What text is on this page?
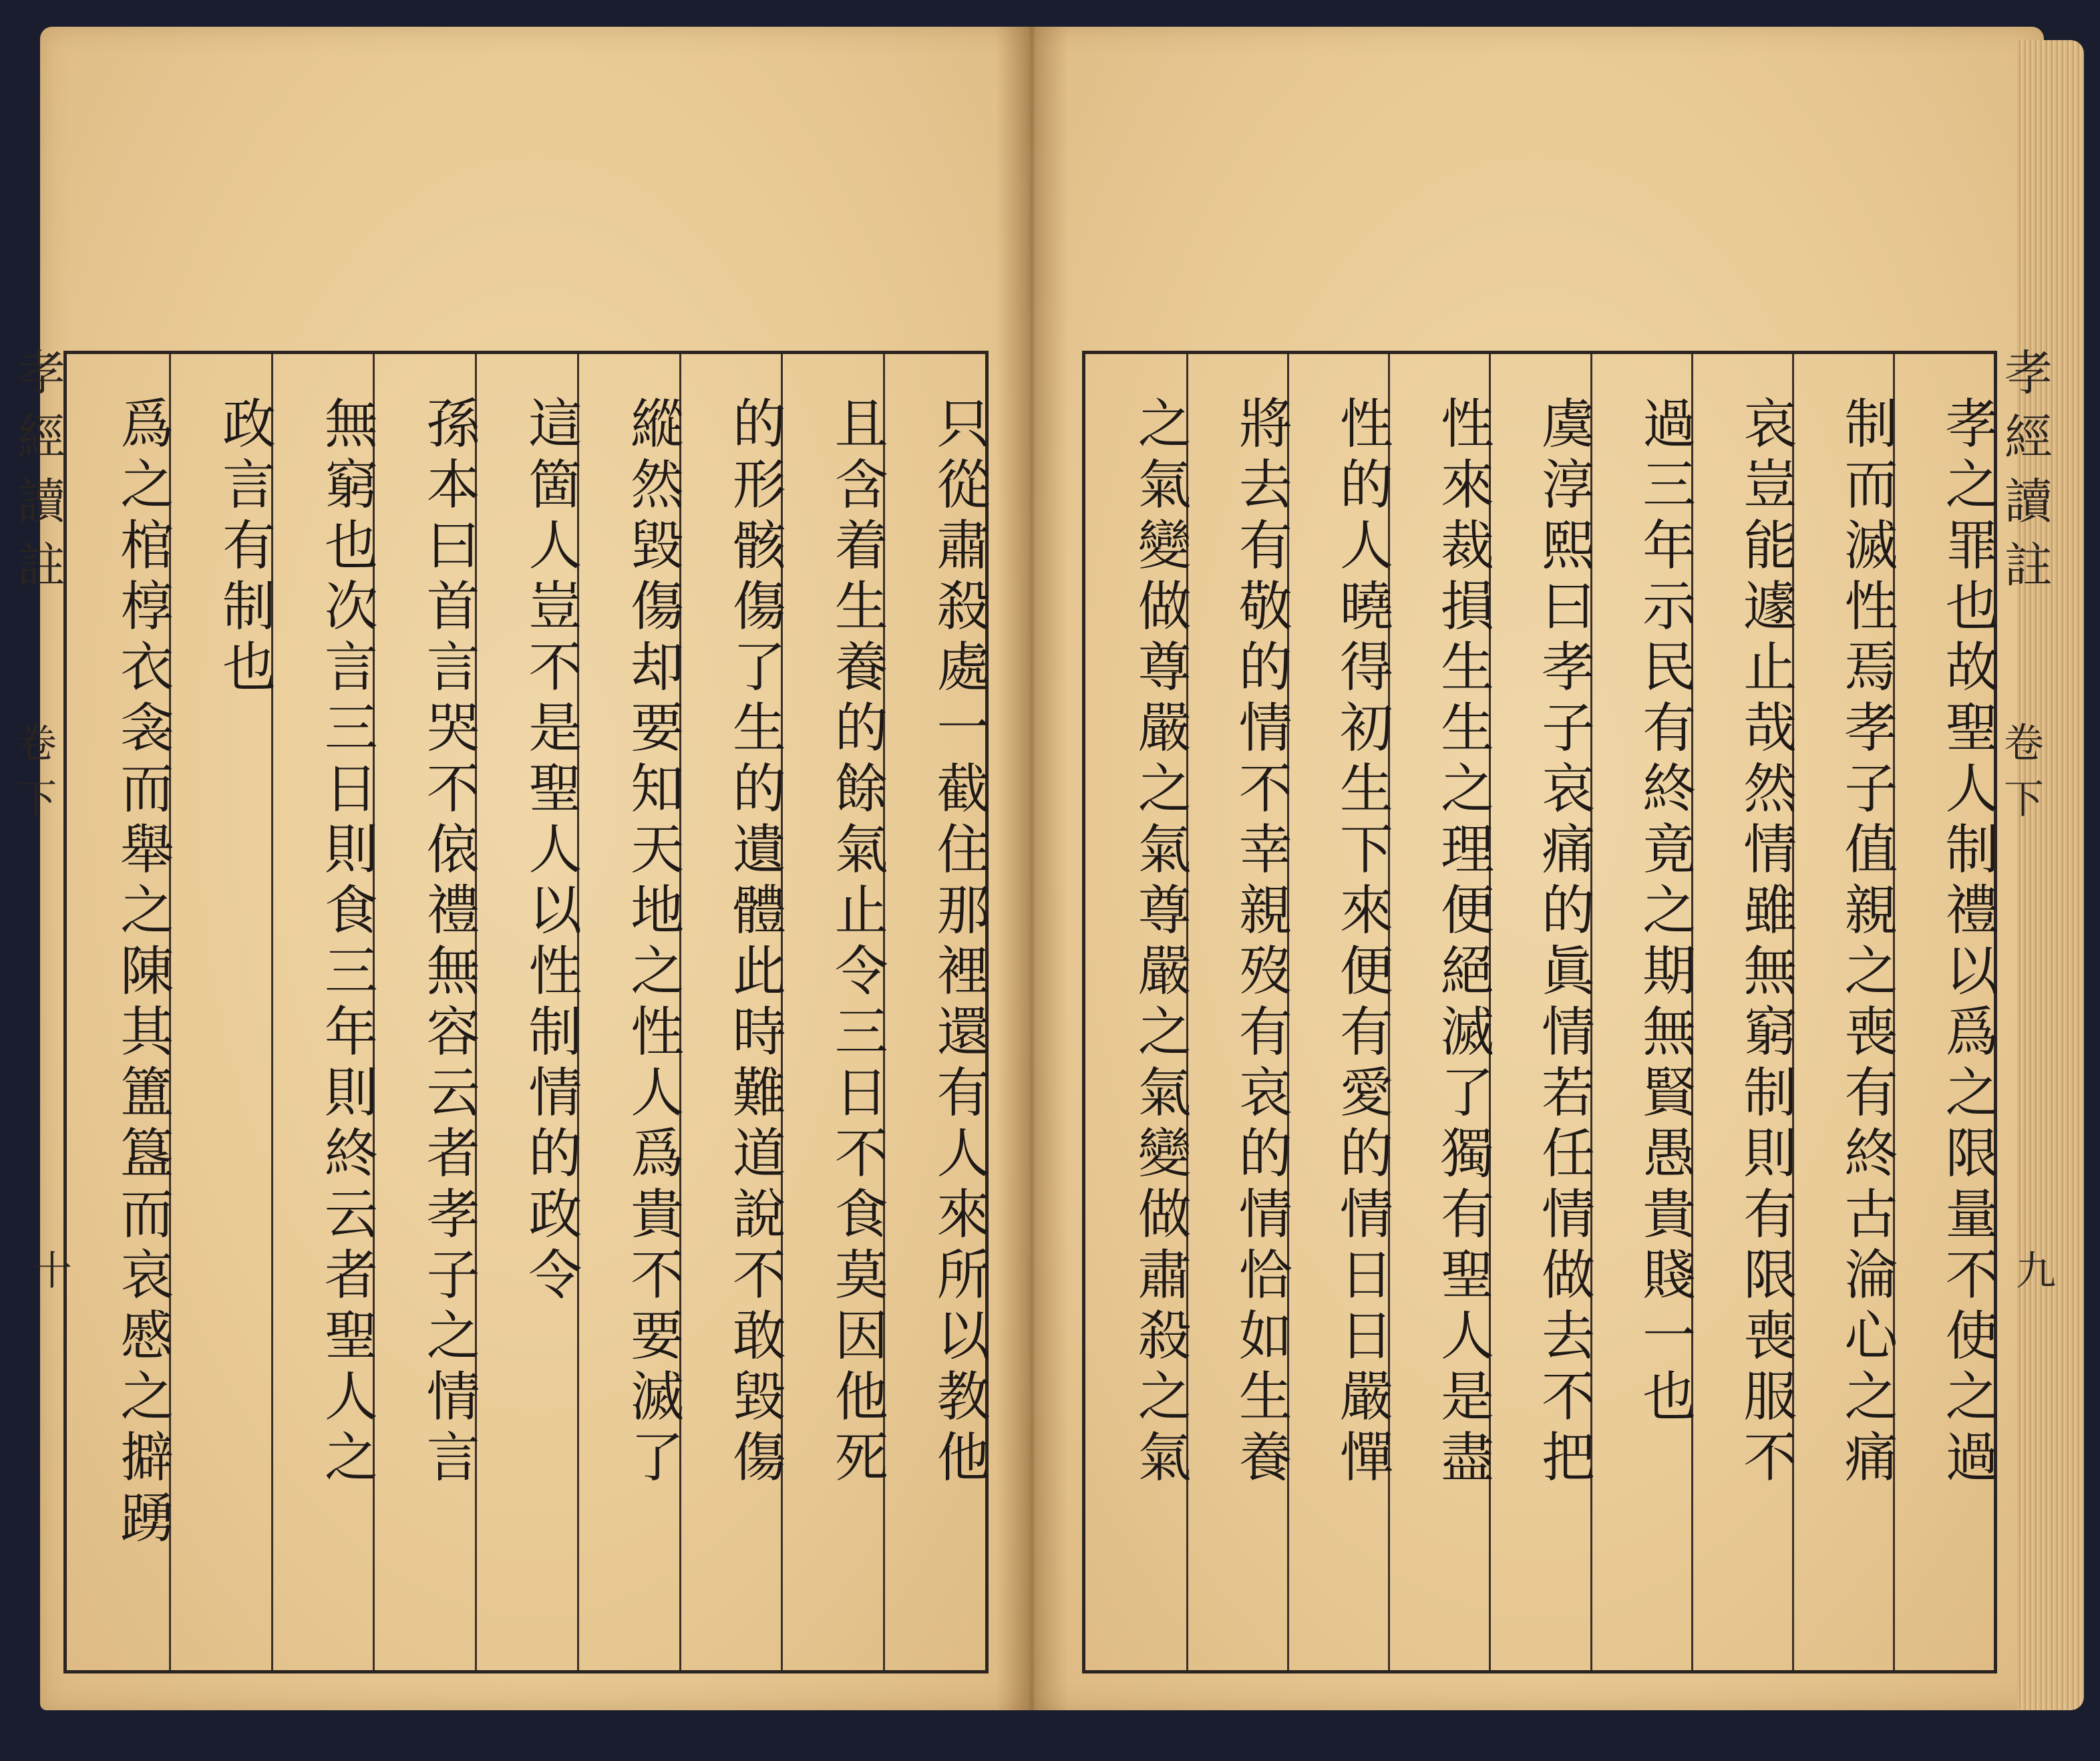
只從肅殺處一截住那裡還有人來所以教他
且含着生養的餘氣止令三日不食莫因他死
的形骸傷了生的遺體此時難道說不敢毀傷
縱然毀傷却要知天地之性人爲貴不要滅了
這箇人豈不是聖人以性制情的政令
孫本曰首言哭不偯禮無容云者孝子之情言
無窮也次言三日則食三年則終云者聖人之
政言有制也
爲之棺椁衣衾而舉之陳其簠簋而哀慼之擗踴
孝經讀註
卷下
十	孝之罪也故聖人制禮以爲之限量不使之過
制而滅性焉孝子值親之喪有終古淪心之痛
哀豈能遽止哉然情雖無窮制則有限喪服不
過三年示民有終竟之期無賢愚貴賤一也
虞淳熙曰孝子哀痛的眞情若任情做去不把
性來裁損生生之理便絕滅了獨有聖人是盡
性的人曉得初生下來便有愛的情日日嚴憚
將去有敬的情不幸親歿有哀的情恰如生養
之氣變做尊嚴之氣尊嚴之氣變做肅殺之氣	孝經讀註
卷下
九
